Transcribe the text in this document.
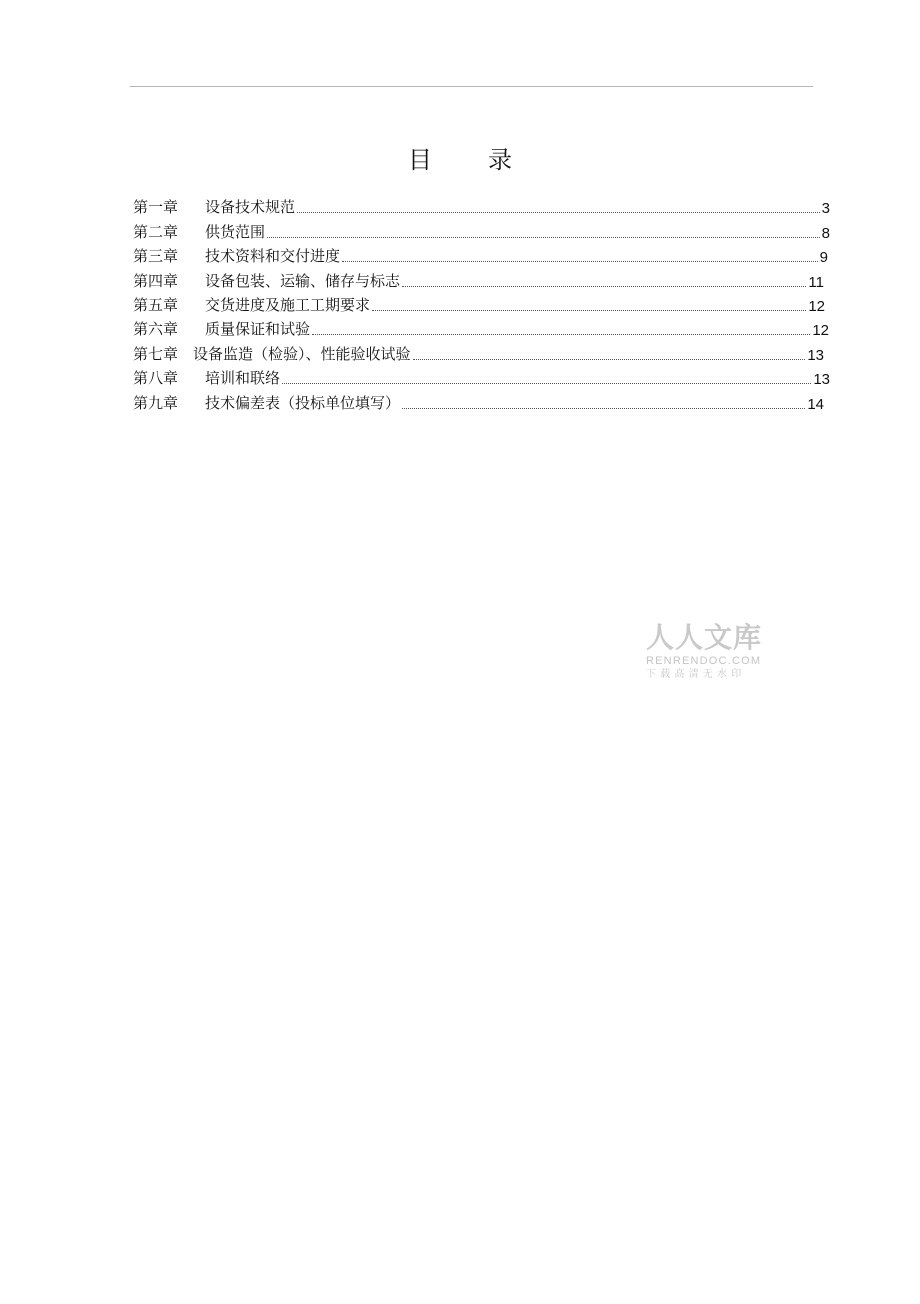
目录
第一章	设备技术规范	3
第二章	供货范围	8
第三章	技术资料和交付进度	9
第四章	设备包装、运输、储存与标志	11
第五章	交货进度及施工工期要求	12
第六章	质量保证和试验	12
第七章 设备监造（检验）、性能验收试验	13
第八章	培训和联络	13
第九章	技术偏差表（投标单位填写）	14
人人文库
RENRENDOC.COM
下载高清无水印
